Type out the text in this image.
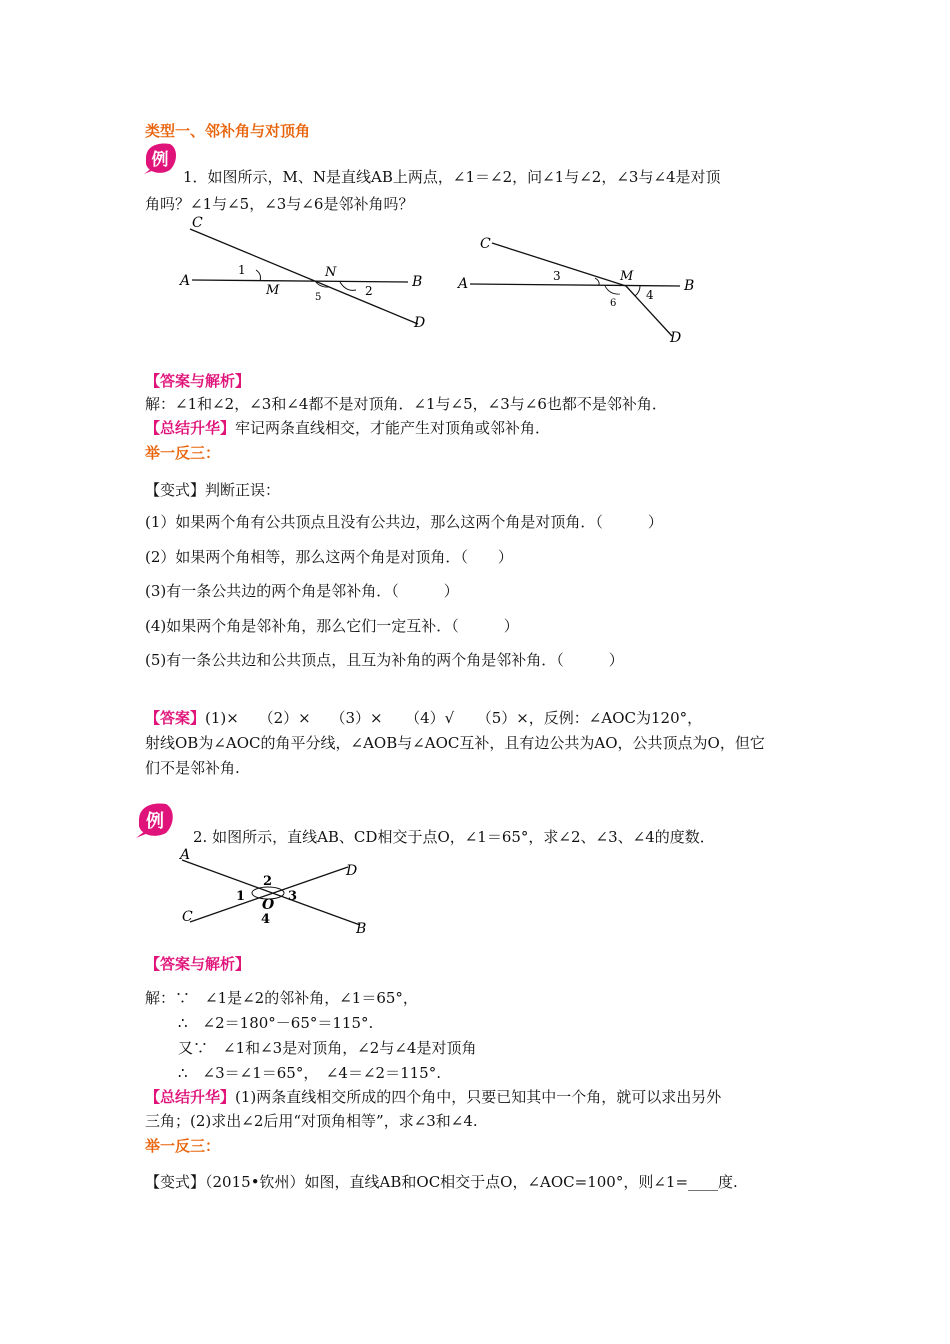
类型一、邻补角与对顶角
例
1．如图所示，M、N是直线AB上两点，∠1＝∠2，问∠1与∠2，∠3与∠4是对顶
角吗？∠1与∠5，∠3与∠6是邻补角吗？
A	B
C
D
M
N
1
2
5
A	B
C
D
M
3
4
6
【答案与解析】
解：∠1和∠2，∠3和∠4都不是对顶角．∠1与∠5，∠3与∠6也都不是邻补角．
【总结升华】牢记两条直线相交，才能产生对顶角或邻补角．
举一反三：
【变式】判断正误：
(1）如果两个角有公共顶点且没有公共边，那么这两个角是对顶角．（　　　）
(2）如果两个角相等，那么这两个角是对顶角．（　　）
(3)有一条公共边的两个角是邻补角．（　　　）
(4)如果两个角是邻补角，那么它们一定互补．（　　　）
(5)有一条公共边和公共顶点，且互为补角的两个角是邻补角．（　　　）
【答案】(1)×　 （2）×　 （3）×　　（4）√　　（5）×，反例：∠AOC为120°，
射线OB为∠AOC的角平分线，∠AOB与∠AOC互补，且有边公共为AO，公共顶点为O，但它
们不是邻补角.
例
2. 如图所示，直线AB、CD相交于点O，∠1＝65°，求∠2、∠3、∠4的度数．
A
B
C
D
O
1
2
3
4
【答案与解析】
解：∵　∠1是∠2的邻补角，∠1＝65°，
∴　∠2＝180°－65°＝115°.
又∵　∠1和∠3是对顶角，∠2与∠4是对顶角
∴　∠3＝∠1＝65°，　∠4＝∠2＝115°.
【总结升华】(1)两条直线相交所成的四个角中，只要已知其中一个角，就可以求出另外
三角；(2)求出∠2后用“对顶角相等”，求∠3和∠4.
举一反三：
【变式】（2015•钦州）如图，直线AB和OC相交于点O，∠AOC=100°，则∠1=____度.
